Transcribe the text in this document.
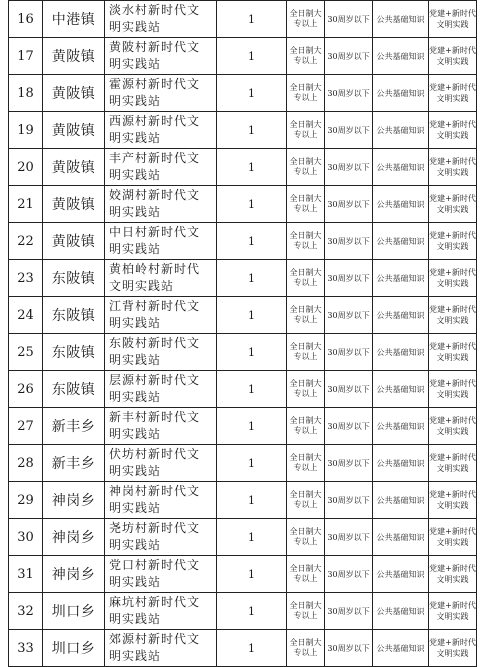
16	中港镇	淡水村新时代文明实践站	1	全日制大专以上	30周岁以下	公共基础知识	党建+新时代文明实践
17	黄陂镇	黄陂村新时代文明实践站	1	全日制大专以上	30周岁以下	公共基础知识	党建+新时代文明实践
18	黄陂镇	霍源村新时代文明实践站	1	全日制大专以上	30周岁以下	公共基础知识	党建+新时代文明实践
19	黄陂镇	西源村新时代文明实践站	1	全日制大专以上	30周岁以下	公共基础知识	党建+新时代文明实践
20	黄陂镇	丰产村新时代文明实践站	1	全日制大专以上	30周岁以下	公共基础知识	党建+新时代文明实践
21	黄陂镇	姣湖村新时代文明实践站	1	全日制大专以上	30周岁以下	公共基础知识	党建+新时代文明实践
22	黄陂镇	中日村新时代文明实践站	1	全日制大专以上	30周岁以下	公共基础知识	党建+新时代文明实践
23	东陂镇	黄柏岭村新时代文明实践站	1	全日制大专以上	30周岁以下	公共基础知识	党建+新时代文明实践
24	东陂镇	江背村新时代文明实践站	1	全日制大专以上	30周岁以下	公共基础知识	党建+新时代文明实践
25	东陂镇	东陂村新时代文明实践站	1	全日制大专以上	30周岁以下	公共基础知识	党建+新时代文明实践
26	东陂镇	层源村新时代文明实践站	1	全日制大专以上	30周岁以下	公共基础知识	党建+新时代文明实践
27	新丰乡	新丰村新时代文明实践站	1	全日制大专以上	30周岁以下	公共基础知识	党建+新时代文明实践
28	新丰乡	伏坊村新时代文明实践站	1	全日制大专以上	30周岁以下	公共基础知识	党建+新时代文明实践
29	神岗乡	神岗村新时代文明实践站	1	全日制大专以上	30周岁以下	公共基础知识	党建+新时代文明实践
30	神岗乡	尧坊村新时代文明实践站	1	全日制大专以上	30周岁以下	公共基础知识	党建+新时代文明实践
31	神岗乡	党口村新时代文明实践站	1	全日制大专以上	30周岁以下	公共基础知识	党建+新时代文明实践
32	圳口乡	麻坑村新时代文明实践站	1	全日制大专以上	30周岁以下	公共基础知识	党建+新时代文明实践
33	圳口乡	郊源村新时代文明实践站	1	全日制大专以上	30周岁以下	公共基础知识	党建+新时代文明实践
